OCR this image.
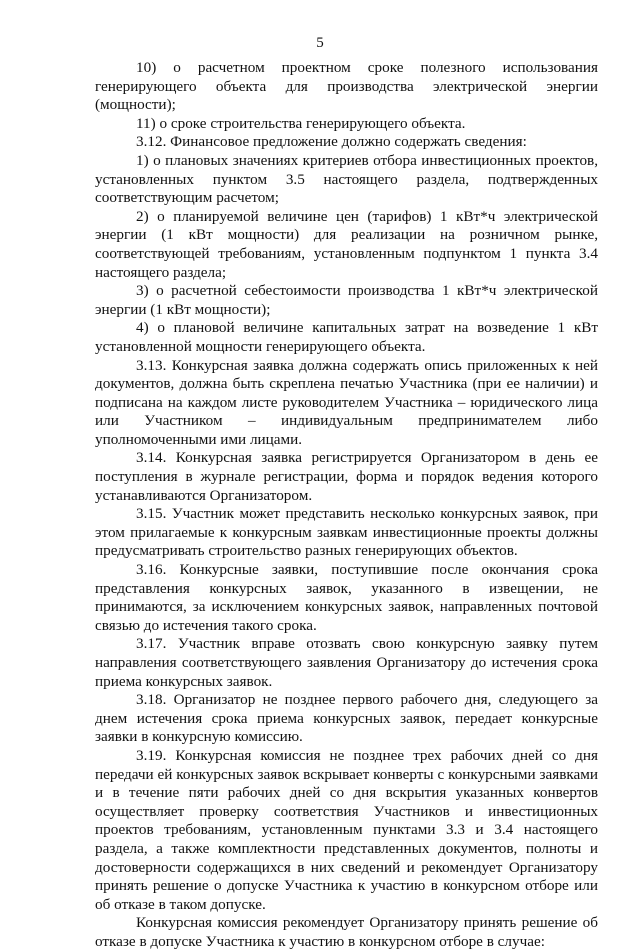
5

10) о расчетном проектном сроке полезного использования генерирующего объекта для производства электрической энергии (мощности);

11) о сроке строительства генерирующего объекта.

3.12. Финансовое предложение должно содержать сведения:

1) о плановых значениях критериев отбора инвестиционных проектов, установленных пунктом 3.5 настоящего раздела, подтвержденных соответствующим расчетом;

2) о планируемой величине цен (тарифов) 1 кВт*ч электрической энергии (1 кВт мощности) для реализации на розничном рынке, соответствующей требованиям, установленным подпунктом 1 пункта 3.4 настоящего раздела;

3) о расчетной себестоимости производства 1 кВт*ч электрической энергии (1 кВт мощности);

4) о плановой величине капитальных затрат на возведение 1 кВт установленной мощности генерирующего объекта.

3.13. Конкурсная заявка должна содержать опись приложенных к ней документов, должна быть скреплена печатью Участника (при ее наличии) и подписана на каждом листе руководителем Участника – юридического лица или Участником – индивидуальным предпринимателем либо уполномоченными ими лицами.

3.14. Конкурсная заявка регистрируется Организатором в день ее поступления в журнале регистрации, форма и порядок ведения которого устанавливаются Организатором.

3.15. Участник может представить несколько конкурсных заявок, при этом прилагаемые к конкурсным заявкам инвестиционные проекты должны предусматривать строительство разных генерирующих объектов.

3.16. Конкурсные заявки, поступившие после окончания срока представления конкурсных заявок, указанного в извещении, не принимаются, за исключением конкурсных заявок, направленных почтовой связью до истечения такого срока.

3.17. Участник вправе отозвать свою конкурсную заявку путем направления соответствующего заявления Организатору до истечения срока приема конкурсных заявок.

3.18. Организатор не позднее первого рабочего дня, следующего за днем истечения срока приема конкурсных заявок, передает конкурсные заявки в конкурсную комиссию.

3.19. Конкурсная комиссия не позднее трех рабочих дней со дня передачи ей конкурсных заявок вскрывает конверты с конкурсными заявками и в течение пяти рабочих дней со дня вскрытия указанных конвертов осуществляет проверку соответствия Участников и инвестиционных проектов требованиям, установленным пунктами 3.3 и 3.4 настоящего раздела, а также комплектности представленных документов, полноты и достоверности содержащихся в них сведений и рекомендует Организатору принять решение о допуске Участника к участию в конкурсном отборе или об отказе в таком допуске.

Конкурсная комиссия рекомендует Организатору принять решение об отказе в допуске Участника к участию в конкурсном отборе в случае:
